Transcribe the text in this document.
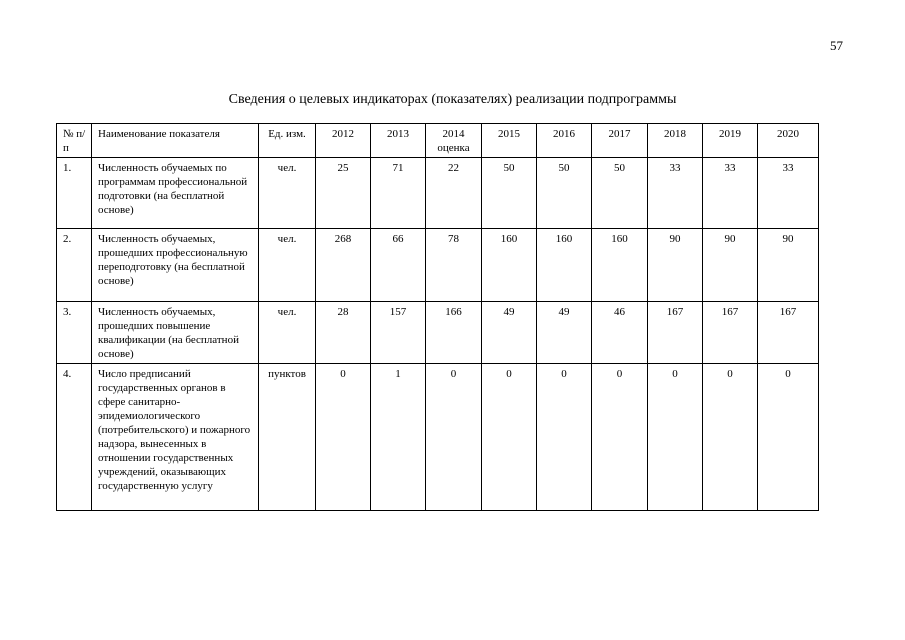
57
Сведения о целевых индикаторах (показателях) реализации подпрограммы
№ п/п	Наименование показателя	Ед. изм.	2012	2013	2014 оценка	2015	2016	2017	2018	2019	2020
1.	Численность обучаемых по программам профессиональной подготовки (на бесплатной основе)	чел.	25	71	22	50	50	50	33	33	33
2.	Численность обучаемых, прошедших профессиональную переподготовку (на бесплатной основе)	чел.	268	66	78	160	160	160	90	90	90
3.	Численность обучаемых, прошедших повышение квалификации (на бесплатной основе)	чел.	28	157	166	49	49	46	167	167	167
4.	Число предписаний государственных органов в сфере санитарно-эпидемиологического (потребительского) и пожарного надзора, вынесенных в отношении государственных учреждений, оказывающих государственную услугу	пунктов	0	1	0	0	0	0	0	0	0
